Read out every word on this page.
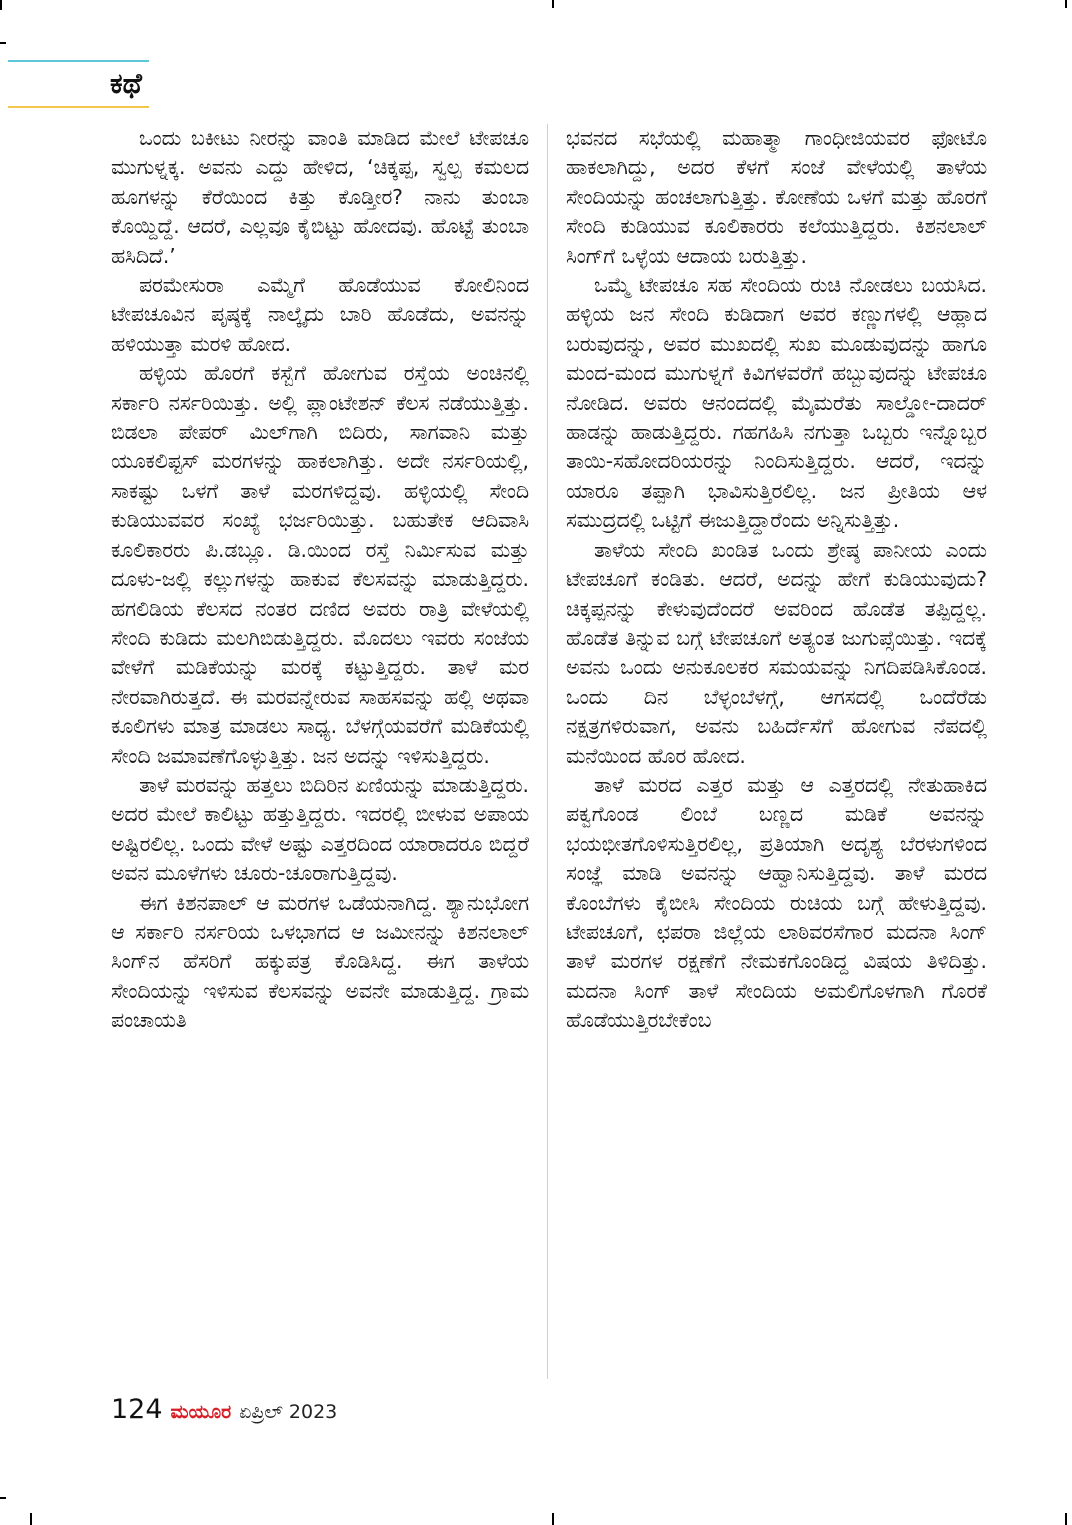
ಕಥೆ

ಒಂದು ಬಕೀಟು ನೀರನ್ನು ವಾಂತಿ ಮಾಡಿದ ಮೇಲೆ ಟೇಪಚೂ ಮುಗುಳ್ನಕ್ಕ. ಅವನು ಎದ್ದು ಹೇಳಿದ, ‘ಚಿಕ್ಕಪ್ಪ, ಸ್ವಲ್ಪ ಕಮಲದ ಹೂಗಳನ್ನು ಕೆರೆಯಿಂದ ಕಿತ್ತು ಕೊಡ್ತೀರ? ನಾನು ತುಂಬಾ ಕೊಯ್ದಿದ್ದೆ. ಆದರೆ, ಎಲ್ಲವೂ ಕೈಬಿಟ್ಟು ಹೋದವು. ಹೊಟ್ಟೆ ತುಂಬಾ ಹಸಿದಿದೆ.’

ಪರಮೇಸುರಾ ಎಮ್ಮೆಗೆ ಹೊಡೆಯುವ ಕೋಲಿನಿಂದ ಟೇಪಚೂವಿನ ಪೃಷ್ಠಕ್ಕೆ ನಾಲ್ಕೈದು ಬಾರಿ ಹೊಡೆದು, ಅವನನ್ನು ಹಳಿಯುತ್ತಾ ಮರಳಿ ಹೋದ.

ಹಳ್ಳಿಯ ಹೊರಗೆ ಕಸ್ಬೆಗೆ ಹೋಗುವ ರಸ್ತೆಯ ಅಂಚಿನಲ್ಲಿ ಸರ್ಕಾರಿ ನರ್ಸರಿಯಿತ್ತು. ಅಲ್ಲಿ ಪ್ಲಾಂಟೇಶನ್ ಕೆಲಸ ನಡೆಯುತ್ತಿತ್ತು. ಬಿಡಲಾ ಪೇಪರ್ ಮಿಲ್‌ಗಾಗಿ ಬಿದಿರು, ಸಾಗವಾನಿ ಮತ್ತು ಯೂಕಲಿಪ್ಟಸ್ ಮರಗಳನ್ನು ಹಾಕಲಾಗಿತ್ತು. ಅದೇ ನರ್ಸರಿಯಲ್ಲಿ, ಸಾಕಷ್ಟು ಒಳಗೆ ತಾಳೆ ಮರಗಳಿದ್ದವು. ಹಳ್ಳಿಯಲ್ಲಿ ಸೇಂದಿ ಕುಡಿಯುವವರ ಸಂಖ್ಯೆ ಭರ್ಜರಿಯಿತ್ತು. ಬಹುತೇಕ ಆದಿವಾಸಿ ಕೂಲಿಕಾರರು ಪಿ.ಡಬ್ಲೂ. ಡಿ.ಯಿಂದ ರಸ್ತೆ ನಿರ್ಮಿಸುವ ಮತ್ತು ದೂಳು-ಜಲ್ಲಿ ಕಲ್ಲುಗಳನ್ನು ಹಾಕುವ ಕೆಲಸವನ್ನು ಮಾಡುತ್ತಿದ್ದರು. ಹಗಲಿಡಿಯ ಕೆಲಸದ ನಂತರ ದಣಿದ ಅವರು ರಾತ್ರಿ ವೇಳೆಯಲ್ಲಿ ಸೇಂದಿ ಕುಡಿದು ಮಲಗಿಬಿಡುತ್ತಿದ್ದರು. ಮೊದಲು ಇವರು ಸಂಜೆಯ ವೇಳೆಗೆ ಮಡಿಕೆಯನ್ನು ಮರಕ್ಕೆ ಕಟ್ಟುತ್ತಿದ್ದರು. ತಾಳೆ ಮರ ನೇರವಾಗಿರುತ್ತದೆ. ಈ ಮರವನ್ನೇರುವ ಸಾಹಸವನ್ನು ಹಲ್ಲಿ ಅಥವಾ ಕೂಲಿಗಳು ಮಾತ್ರ ಮಾಡಲು ಸಾಧ್ಯ. ಬೆಳಗ್ಗೆಯವರೆಗೆ ಮಡಿಕೆಯಲ್ಲಿ ಸೇಂದಿ ಜಮಾವಣೆಗೊಳ್ಳುತ್ತಿತ್ತು. ಜನ ಅದನ್ನು ಇಳಿಸುತ್ತಿದ್ದರು.

ತಾಳೆ ಮರವನ್ನು ಹತ್ತಲು ಬಿದಿರಿನ ಏಣಿಯನ್ನು ಮಾಡುತ್ತಿದ್ದರು. ಅದರ ಮೇಲೆ ಕಾಲಿಟ್ಟು ಹತ್ತುತ್ತಿದ್ದರು. ಇದರಲ್ಲಿ ಬೀಳುವ ಅಪಾಯ ಅಷ್ಟಿರಲಿಲ್ಲ. ಒಂದು ವೇಳೆ ಅಷ್ಟು ಎತ್ತರದಿಂದ ಯಾರಾದರೂ ಬಿದ್ದರೆ ಅವನ ಮೂಳೆಗಳು ಚೂರು-ಚೂರಾಗುತ್ತಿದ್ದವು.

ಈಗ ಕಿಶನಪಾಲ್ ಆ ಮರಗಳ ಒಡೆಯನಾಗಿದ್ದ. ಶ್ಯಾನುಭೋಗ ಆ ಸರ್ಕಾರಿ ನರ್ಸರಿಯ ಒಳಭಾಗದ ಆ ಜಮೀನನ್ನು ಕಿಶನಲಾಲ್ ಸಿಂಗ್‌ನ ಹೆಸರಿಗೆ ಹಕ್ಕುಪತ್ರ ಕೊಡಿಸಿದ್ದ. ಈಗ ತಾಳೆಯ ಸೇಂದಿಯನ್ನು ಇಳಿಸುವ ಕೆಲಸವನ್ನು ಅವನೇ ಮಾಡುತ್ತಿದ್ದ. ಗ್ರಾಮ ಪಂಚಾಯತಿ

ಭವನದ ಸಭೆಯಲ್ಲಿ ಮಹಾತ್ಮಾ ಗಾಂಧೀಜಿಯವರ ಫೋಟೊ ಹಾಕಲಾಗಿದ್ದು, ಅದರ ಕೆಳಗೆ ಸಂಜೆ ವೇಳೆಯಲ್ಲಿ ತಾಳೆಯ ಸೇಂದಿಯನ್ನು ಹಂಚಲಾಗುತ್ತಿತ್ತು. ಕೋಣೆಯ ಒಳಗೆ ಮತ್ತು ಹೊರಗೆ ಸೇಂದಿ ಕುಡಿಯುವ ಕೂಲಿಕಾರರು ಕಲೆಯುತ್ತಿದ್ದರು. ಕಿಶನಲಾಲ್ ಸಿಂಗ್‌ಗೆ ಒಳ್ಳೆಯ ಆದಾಯ ಬರುತ್ತಿತ್ತು.

ಒಮ್ಮೆ ಟೇಪಚೂ ಸಹ ಸೇಂದಿಯ ರುಚಿ ನೋಡಲು ಬಯಸಿದ. ಹಳ್ಳಿಯ ಜನ ಸೇಂದಿ ಕುಡಿದಾಗ ಅವರ ಕಣ್ಣುಗಳಲ್ಲಿ ಆಹ್ಲಾದ ಬರುವುದನ್ನು, ಅವರ ಮುಖದಲ್ಲಿ ಸುಖ ಮೂಡುವುದನ್ನು ಹಾಗೂ ಮಂದ-ಮಂದ ಮುಗುಳ್ನಗೆ ಕಿವಿಗಳವರೆಗೆ ಹಬ್ಬುವುದನ್ನು ಟೇಪಚೂ ನೋಡಿದ. ಅವರು ಆನಂದದಲ್ಲಿ ಮೈಮರೆತು ಸಾಲ್ಡೋ-ದಾದರ್ ಹಾಡನ್ನು ಹಾಡುತ್ತಿದ್ದರು. ಗಹಗಹಿಸಿ ನಗುತ್ತಾ ಒಬ್ಬರು ಇನ್ನೊಬ್ಬರ ತಾಯಿ-ಸಹೋದರಿಯರನ್ನು ನಿಂದಿಸುತ್ತಿದ್ದರು. ಆದರೆ, ಇದನ್ನು ಯಾರೂ ತಪ್ಪಾಗಿ ಭಾವಿಸುತ್ತಿರಲಿಲ್ಲ. ಜನ ಪ್ರೀತಿಯ ಆಳ ಸಮುದ್ರದಲ್ಲಿ ಒಟ್ಟಿಗೆ ಈಜುತ್ತಿದ್ದಾರೆಂದು ಅನ್ನಿಸುತ್ತಿತ್ತು.

ತಾಳೆಯ ಸೇಂದಿ ಖಂಡಿತ ಒಂದು ಶ್ರೇಷ್ಠ ಪಾನೀಯ ಎಂದು ಟೇಪಚೂಗೆ ಕಂಡಿತು. ಆದರೆ, ಅದನ್ನು ಹೇಗೆ ಕುಡಿಯುವುದು? ಚಿಕ್ಕಪ್ಪನನ್ನು ಕೇಳುವುದೆಂದರೆ ಅವರಿಂದ ಹೊಡೆತ ತಪ್ಪಿದ್ದಲ್ಲ. ಹೊಡೆತ ತಿನ್ನುವ ಬಗ್ಗೆ ಟೇಪಚೂಗೆ ಅತ್ಯಂತ ಜುಗುಪ್ಸೆಯಿತ್ತು. ಇದಕ್ಕೆ ಅವನು ಒಂದು ಅನುಕೂಲಕರ ಸಮಯವನ್ನು ನಿಗದಿಪಡಿಸಿಕೊಂಡ. ಒಂದು ದಿನ ಬೆಳ್ಳಂಬೆಳಗ್ಗೆ, ಆಗಸದಲ್ಲಿ ಒಂದೆರೆಡು ನಕ್ಷತ್ರಗಳಿರುವಾಗ, ಅವನು ಬಹಿರ್ದೆಸೆಗೆ ಹೋಗುವ ನೆಪದಲ್ಲಿ ಮನೆಯಿಂದ ಹೊರ ಹೋದ.

ತಾಳೆ ಮರದ ಎತ್ತರ ಮತ್ತು ಆ ಎತ್ತರದಲ್ಲಿ ನೇತುಹಾಕಿದ ಪಕ್ವಗೊಂಡ ಲಿಂಬೆ ಬಣ್ಣದ ಮಡಿಕೆ ಅವನನ್ನು ಭಯಭೀತಗೊಳಿಸುತ್ತಿರಲಿಲ್ಲ, ಪ್ರತಿಯಾಗಿ ಅದೃಶ್ಯ ಬೆರಳುಗಳಿಂದ ಸಂಜ್ಞೆ ಮಾಡಿ ಅವನನ್ನು ಆಹ್ವಾನಿಸುತ್ತಿದ್ದವು. ತಾಳೆ ಮರದ ಕೊಂಬೆಗಳು ಕೈಬೀಸಿ ಸೇಂದಿಯ ರುಚಿಯ ಬಗ್ಗೆ ಹೇಳುತ್ತಿದ್ದವು. ಟೇಪಚೂಗೆ, ಛಪರಾ ಜಿಲ್ಲೆಯ ಲಾಠಿವರಸೆಗಾರ ಮದನಾ ಸಿಂಗ್ ತಾಳೆ ಮರಗಳ ರಕ್ಷಣೆಗೆ ನೇಮಕಗೊಂಡಿದ್ದ ವಿಷಯ ತಿಳಿದಿತ್ತು. ಮದನಾ ಸಿಂಗ್ ತಾಳೆ ಸೇಂದಿಯ ಅಮಲಿಗೊಳಗಾಗಿ ಗೊರಕೆ ಹೊಡೆಯುತ್ತಿರಬೇಕೆಂಬ

124 ಮಯೂರ ಏಪ್ರಿಲ್ 2023
